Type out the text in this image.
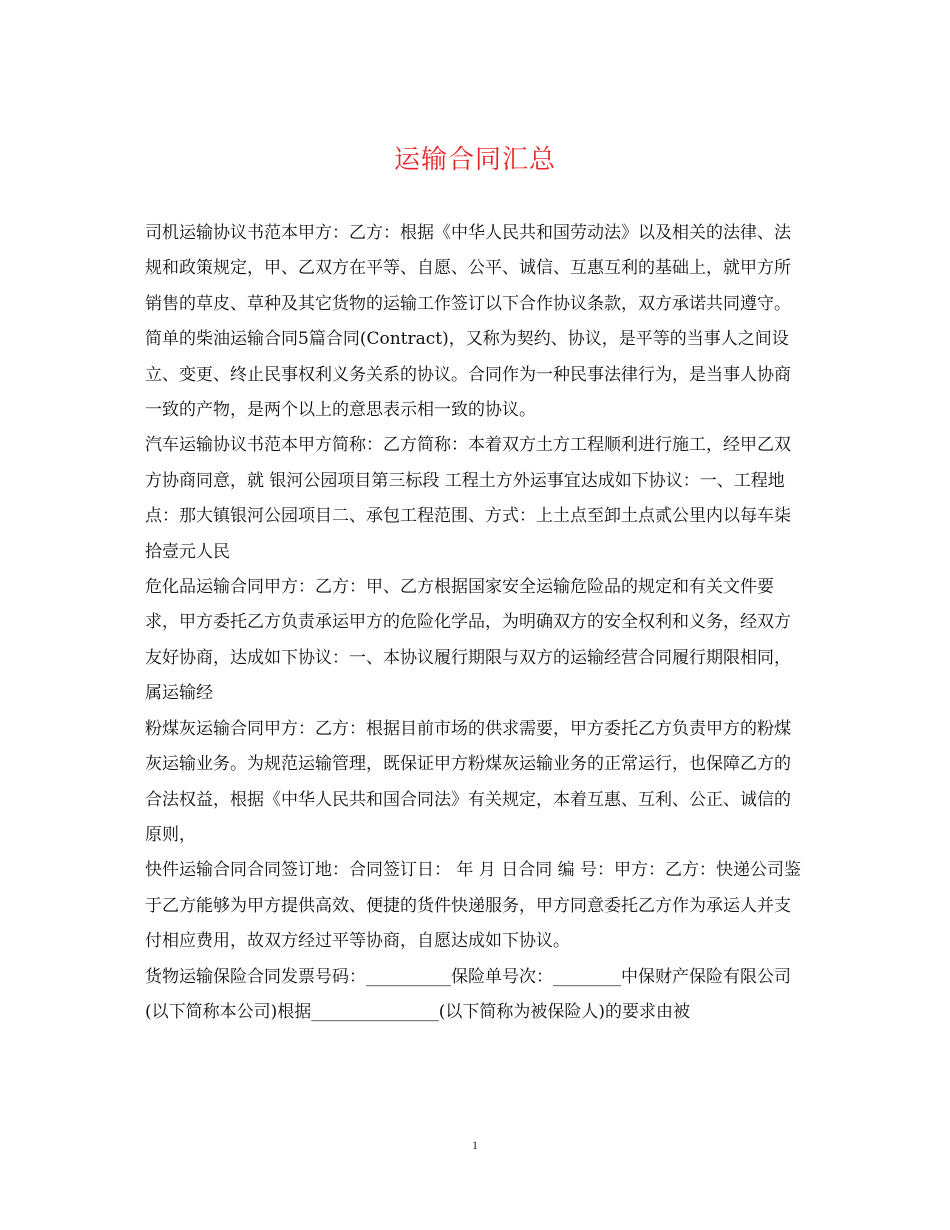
运输合同汇总

司机运输协议书范本甲方：乙方：根据《中华人民共和国劳动法》以及相关的法律、法规和政策规定，甲、乙双方在平等、自愿、公平、诚信、互惠互利的基础上，就甲方所销售的草皮、草种及其它货物的运输工作签订以下合作协议条款，双方承诺共同遵守。

简单的柴油运输合同5篇合同(Contract)，又称为契约、协议，是平等的当事人之间设立、变更、终止民事权利义务关系的协议。合同作为一种民事法律行为，是当事人协商一致的产物，是两个以上的意思表示相一致的协议。

汽车运输协议书范本甲方简称：乙方简称：本着双方土方工程顺利进行施工，经甲乙双方协商同意，就 银河公园项目第三标段 工程土方外运事宜达成如下协议：一、工程地点：那大镇银河公园项目二、承包工程范围、方式：上土点至卸土点贰公里内以每车柒拾壹元人民

危化品运输合同甲方：乙方：甲、乙方根据国家安全运输危险品的规定和有关文件要求，甲方委托乙方负责承运甲方的危险化学品，为明确双方的安全权利和义务，经双方友好协商，达成如下协议：一、本协议履行期限与双方的运输经营合同履行期限相同，属运输经

粉煤灰运输合同甲方：乙方：根据目前市场的供求需要，甲方委托乙方负责甲方的粉煤灰运输业务。为规范运输管理，既保证甲方粉煤灰运输业务的正常运行，也保障乙方的合法权益，根据《中华人民共和国合同法》有关规定，本着互惠、互利、公正、诚信的原则，

快件运输合同合同签订地：合同签订日： 年 月 日合同 编 号：甲方：乙方：快递公司鉴于乙方能够为甲方提供高效、便捷的货件快递服务，甲方同意委托乙方作为承运人并支付相应费用，故双方经过平等协商，自愿达成如下协议。

货物运输保险合同发票号码：__________保险单号次：________中保财产保险有限公司(以下简称本公司)根据_______________(以下简称为被保险人)的要求由被

1
